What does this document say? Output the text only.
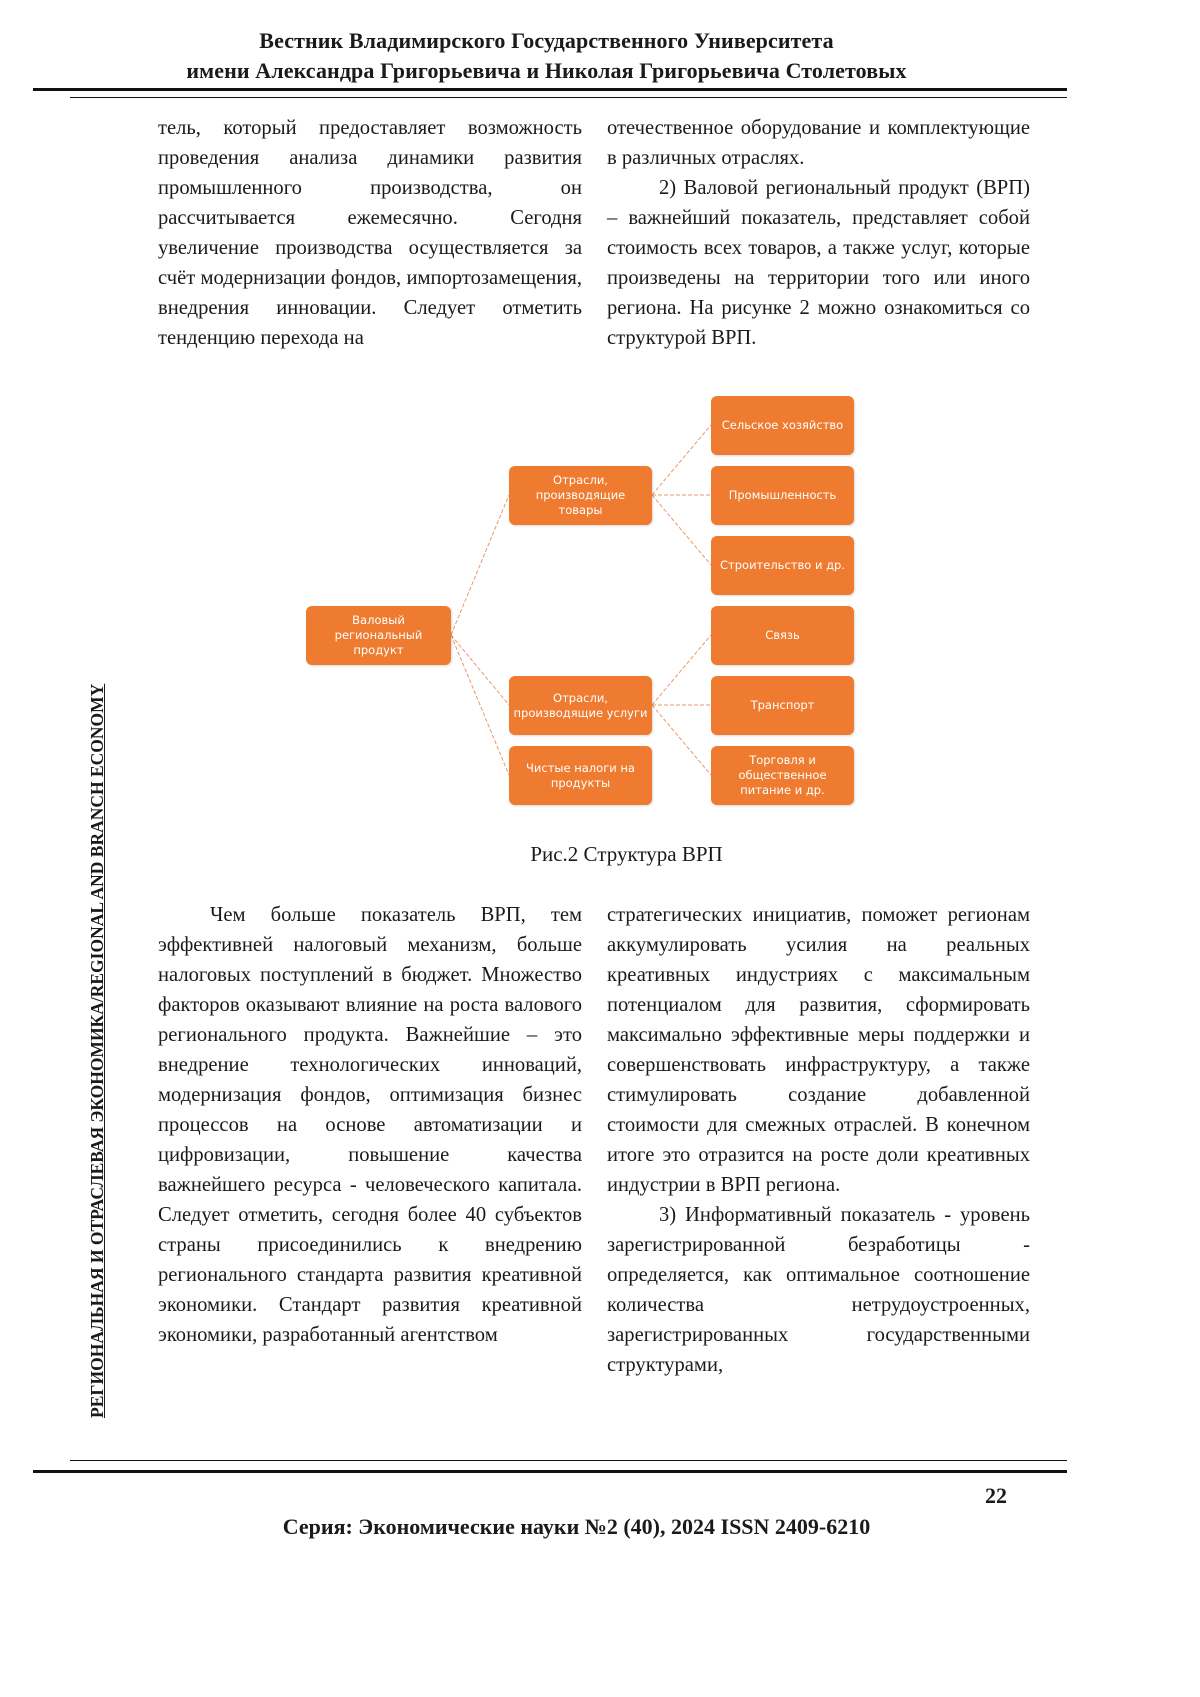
Вестник Владимирского Государственного Университета
имени Александра Григорьевича и Николая Григорьевича Столетовых
РЕГИОНАЛЬНАЯ И ОТРАСЛЕВАЯ ЭКОНОМИКА/REGIONAL AND BRANCH ECONOMY

тель, который предоставляет возможность проведения анализа динамики развития промышленного производства, он рассчитывается ежемесячно. Сегодня увеличение производства осуществляется за счёт модернизации фондов, импортозамещения, внедрения инновации. Следует отметить тенденцию перехода на

отечественное оборудование и комплектующие в различных отраслях.

2) Валовой региональный продукт (ВРП) – важнейший показатель, представляет собой стоимость всех товаров, а также услуг, которые произведены на территории того или иного региона. На рисунке 2 можно ознакомиться со структурой ВРП.

Валовый региональный продукт
Отрасли, производящие товары
Отрасли, производящие услуги
Чистые налоги на продукты
Сельское хозяйство
Промышленность
Строительство и др.
Связь
Транспорт
Торговля и общественное питание и др.
Рис.2 Структура ВРП

Чем больше показатель ВРП, тем эффективней налоговый механизм, больше налоговых поступлений в бюджет. Множество факторов оказывают влияние на роста валового регионального продукта. Важнейшие – это внедрение технологических инноваций, модернизация фондов, оптимизация бизнес процессов на основе автоматизации и цифровизации, повышение качества важнейшего ресурса - человеческого капитала. Следует отметить, сегодня более 40 субъектов страны присоединились к внедрению регионального стандарта развития креативной экономики. Стандарт развития креативной экономики, разработанный агентством

стратегических инициатив, поможет регионам аккумулировать усилия на реальных креативных индустриях с максимальным потенциалом для развития, сформировать максимально эффективные меры поддержки и совершенствовать инфраструктуру, а также стимулировать создание добавленной стоимости для смежных отраслей. В конечном итоге это отразится на росте доли креативных индустрии в ВРП региона.

3) Информативный показатель - уровень зарегистрированной безработицы - определяется, как оптимальное соотношение количества нетрудоустроенных, зарегистрированных государственными структурами,

22
Серия: Экономические науки №2 (40), 2024 ISSN 2409-6210
